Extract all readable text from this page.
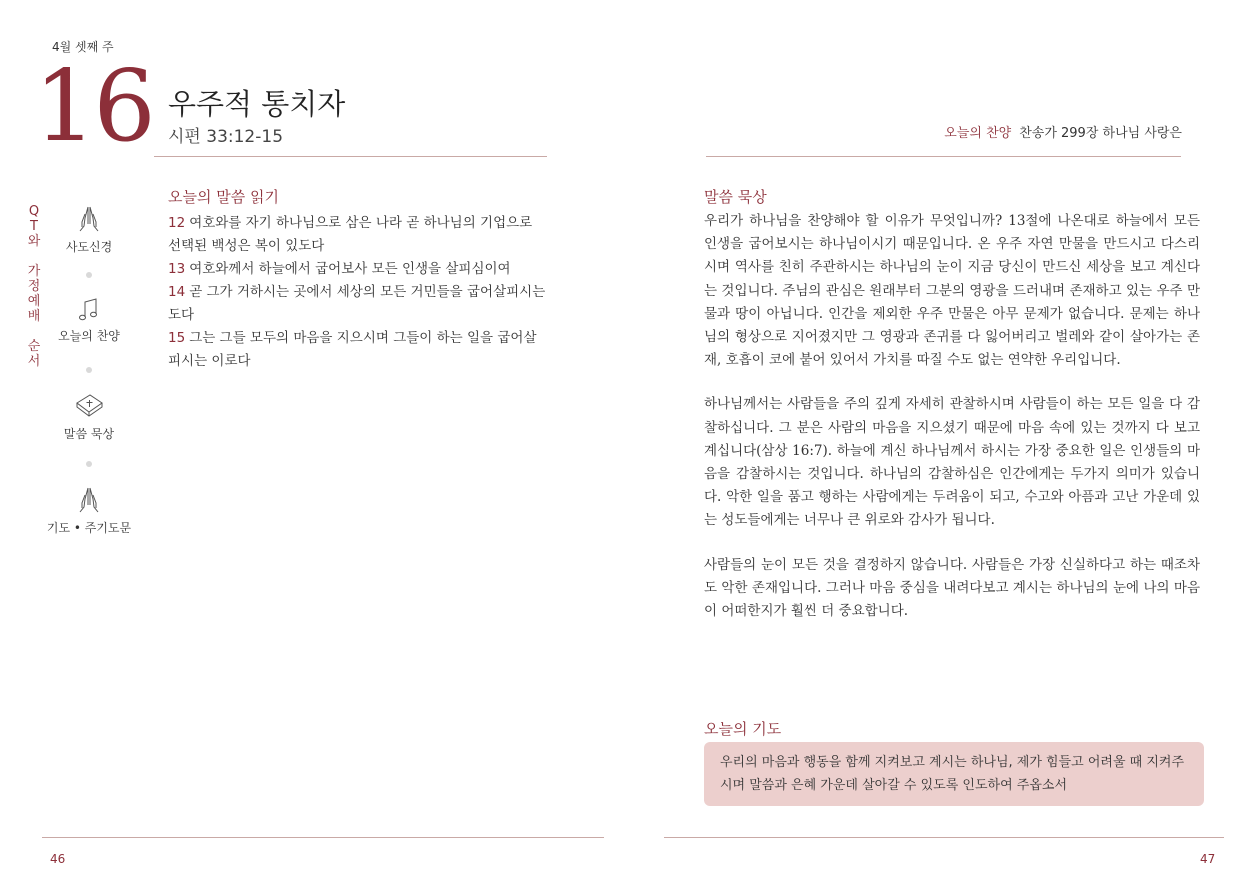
4월 셋째 주
16 우주적 통치자
시편 33:12-15
Q
T
와

가
정
예
배

순
서
사도신경
오늘의 찬양
말씀 묵상
기도 • 주기도문
오늘의 말씀 읽기
12 여호와를 자기 하나님으로 삼은 나라 곧 하나님의 기업으로 선택된 백성은 복이 있도다
13 여호와께서 하늘에서 굽어보사 모든 인생을 살피심이여
14 곧 그가 거하시는 곳에서 세상의 모든 거민들을 굽어살피시는도다
15 그는 그들 모두의 마음을 지으시며 그들이 하는 일을 굽어살피시는 이로다
46
오늘의 찬양 찬송가 299장 하나님 사랑은
말씀 묵상

우리가 하나님을 찬양해야 할 이유가 무엇입니까? 13절에 나온대로 하늘에서 모든 인생을 굽어보시는 하나님이시기 때문입니다. 온 우주 자연 만물을 만드시고 다스리시며 역사를 친히 주관하시는 하나님의 눈이 지금 당신이 만드신 세상을 보고 계신다는 것입니다. 주님의 관심은 원래부터 그분의 영광을 드러내며 존재하고 있는 우주 만물과 땅이 아닙니다. 인간을 제외한 우주 만물은 아무 문제가 없습니다. 문제는 하나님의 형상으로 지어졌지만 그 영광과 존귀를 다 잃어버리고 벌레와 같이 살아가는 존재, 호흡이 코에 붙어 있어서 가치를 따질 수도 없는 연약한 우리입니다.

하나님께서는 사람들을 주의 깊게 자세히 관찰하시며 사람들이 하는 모든 일을 다 감찰하십니다. 그 분은 사람의 마음을 지으셨기 때문에 마음 속에 있는 것까지 다 보고 계십니다(삼상 16:7). 하늘에 계신 하나님께서 하시는 가장 중요한 일은 인생들의 마음을 감찰하시는 것입니다. 하나님의 감찰하심은 인간에게는 두가지 의미가 있습니다. 악한 일을 품고 행하는 사람에게는 두려움이 되고, 수고와 아픔과 고난 가운데 있는 성도들에게는 너무나 큰 위로와 감사가 됩니다.

사람들의 눈이 모든 것을 결정하지 않습니다. 사람들은 가장 신실하다고 하는 때조차도 악한 존재입니다. 그러나 마음 중심을 내려다보고 계시는 하나님의 눈에 나의 마음이 어떠한지가 훨씬 더 중요합니다.

오늘의 기도
우리의 마음과 행동을 함께 지켜보고 계시는 하나님, 제가 힘들고 어려울 때 지켜주시며 말씀과 은혜 가운데 살아갈 수 있도록 인도하여 주옵소서
47
